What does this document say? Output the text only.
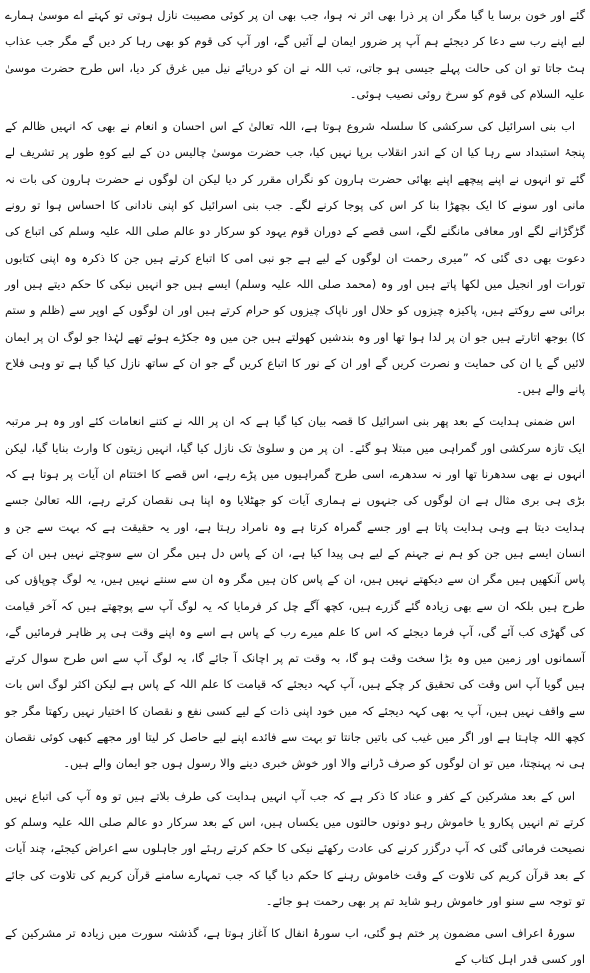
گئے اور خون برسا یا گیا مگر ان پر ذرا بھی اثر نہ ہوا، جب بھی ان پر کوئی مصیبت نازل ہوتی تو کہتے اے موسیٰ ہمارے لیے اپنے رب سے دعا کر دیجئے ہم آپ پر ضرور ایمان لے آئیں گے، اور آپ کی قوم کو بھی رہا کر دیں گے مگر جب عذاب ہٹ جاتا تو ان کی حالت پہلے جیسی ہو جاتی، تب اللہ نے ان کو دریائے نیل میں غرق کر دیا، اس طرح حضرت موسیٰ علیہ السلام کی قوم کو سرخ روئی نصیب ہوئی۔

اب بنی اسرائیل کی سرکشی کا سلسلہ شروع ہوتا ہے، اللہ تعالیٰ کے اس احسان و انعام نے بھی کہ انہیں ظالم کے پنجۂ استبداد سے رہا کیا ان کے اندر انقلاب برپا نہیں کیا، جب حضرت موسیٰ چالیس دن کے لیے کوہِ طور پر تشریف لے گئے تو انہوں نے اپنے پیچھے اپنے بھائی حضرت ہارون کو نگراں مقرر کر دیا لیکن ان لوگوں نے حضرت ہارون کی بات نہ مانی اور سونے کا ایک بچھڑا بنا کر اس کی پوجا کرنے لگے۔ جب بنی اسرائیل کو اپنی نادانی کا احساس ہوا تو رونے گڑگڑانے لگے اور معافی مانگنے لگے، اسی قصے کے دوران قوم یہود کو سرکار دو عالم صلی اللہ علیہ وسلم کی اتباع کی دعوت بھی دی گئی کہ ”میری رحمت ان لوگوں کے لیے ہے جو نبی امی کا اتباع کرتے ہیں جن کا ذکرہ وہ اپنی کتابوں تورات اور انجیل میں لکھا پاتے ہیں اور وہ (محمد صلی اللہ علیہ وسلم) ایسے ہیں جو انہیں نیکی کا حکم دیتے ہیں اور برائی سے روکتے ہیں، پاکیزہ چیزوں کو حلال اور ناپاک چیزوں کو حرام کرتے ہیں اور ان لوگوں کے اوپر سے (ظلم و ستم کا) بوجھ اتارتے ہیں جو ان پر لدا ہوا تھا اور وہ بندشیں کھولتے ہیں جن میں وہ جکڑے ہوئے تھے لہٰذا جو لوگ ان پر ایمان لائیں گے یا ان کی حمایت و نصرت کریں گے اور ان کے نور کا اتباع کریں گے جو ان کے ساتھ نازل کیا گیا ہے تو وہی فلاح پانے والے ہیں۔

اس ضمنی ہدایت کے بعد پھر بنی اسرائیل کا قصہ بیان کیا گیا ہے کہ ان پر اللہ نے کتنے انعامات کئے اور وہ ہر مرتبہ ایک تازہ سرکشی اور گمراہی میں مبتلا ہو گئے۔ ان پر من و سلویٰ تک نازل کیا گیا، انہیں زیتون کا وارث بنایا گیا، لیکن انہوں نے بھی سدھرنا تھا اور نہ سدھرے، اسی طرح گمراہیوں میں پڑے رہے، اس قصے کا اختتام ان آیات پر ہوتا ہے کہ بڑی ہی بری مثال ہے ان لوگوں کی جنہوں نے ہماری آیات کو جھٹلایا وہ اپنا ہی نقصان کرتے رہے، اللہ تعالیٰ جسے ہدایت دیتا ہے وہی ہدایت پاتا ہے اور جسے گمراہ کرتا ہے وہ نامراد رہتا ہے، اور یہ حقیقت ہے کہ بہت سے جن و انسان ایسے ہیں جن کو ہم نے جہنم کے لیے ہی پیدا کیا ہے، ان کے پاس دل ہیں مگر ان سے سوچتے نہیں ہیں ان کے پاس آنکھیں ہیں مگر ان سے دیکھتے نہیں ہیں، ان کے پاس کان ہیں مگر وہ ان سے سنتے نہیں ہیں، یہ لوگ چوپاؤں کی طرح ہیں بلکہ ان سے بھی زیادہ گئے گزرے ہیں، کچھ آگے چل کر فرمایا کہ یہ لوگ آپ سے پوچھتے ہیں کہ آخر قیامت کی گھڑی کب آئے گی، آپ فرما دیجئے کہ اس کا علم میرے رب کے پاس ہے اسے وہ اپنے وقت ہی پر ظاہر فرمائیں گے، آسمانوں اور زمین میں وہ بڑا سخت وقت ہو گا، بہ وقت تم پر اچانک آ جائے گا، یہ لوگ آپ سے اس طرح سوال کرتے ہیں گویا آپ اس وقت کی تحقیق کر چکے ہیں، آپ کہہ دیجئے کہ قیامت کا علم اللہ کے پاس ہے لیکن اکثر لوگ اس بات سے واقف نہیں ہیں، آپ یہ بھی کہہ دیجئے کہ میں خود اپنی ذات کے لیے کسی نفع و نقصان کا اختیار نہیں رکھتا مگر جو کچھ اللہ چاہتا ہے اور اگر میں غیب کی باتیں جانتا تو بہت سے فائدے اپنے لیے حاصل کر لیتا اور مجھے کبھی کوئی نقصان ہی نہ پہنچتا، میں تو ان لوگوں کو صرف ڈرانے والا اور خوش خبری دینے والا رسول ہوں جو ایمان والے ہیں۔

اس کے بعد مشرکین کے کفر و عناد کا ذکر ہے کہ جب آپ انہیں ہدایت کی طرف بلاتے ہیں تو وہ آپ کی اتباع نہیں کرتے تم انہیں پکارو یا خاموش رہو دونوں حالتوں میں یکساں ہیں، اس کے بعد سرکار دو عالم صلی اللہ علیہ وسلم کو نصیحت فرمائی گئی کہ آپ درگزر کرنے کی عادت رکھئے نیکی کا حکم کرتے رہئے اور جاہلوں سے اعراض کیجئے، چند آیات کے بعد قرآن کریم کی تلاوت کے وقت خاموش رہنے کا حکم دیا گیا کہ جب تمہارے سامنے قرآن کریم کی تلاوت کی جائے تو توجہ سے سنو اور خاموش رہو شاید تم پر بھی رحمت ہو جائے۔

سورۂ اعراف اسی مضمون پر ختم ہو گئی، اب سورۂ انفال کا آغاز ہوتا ہے، گذشتہ سورت میں زیادہ تر مشرکین کے اور کسی قدر اہل کتاب کے
